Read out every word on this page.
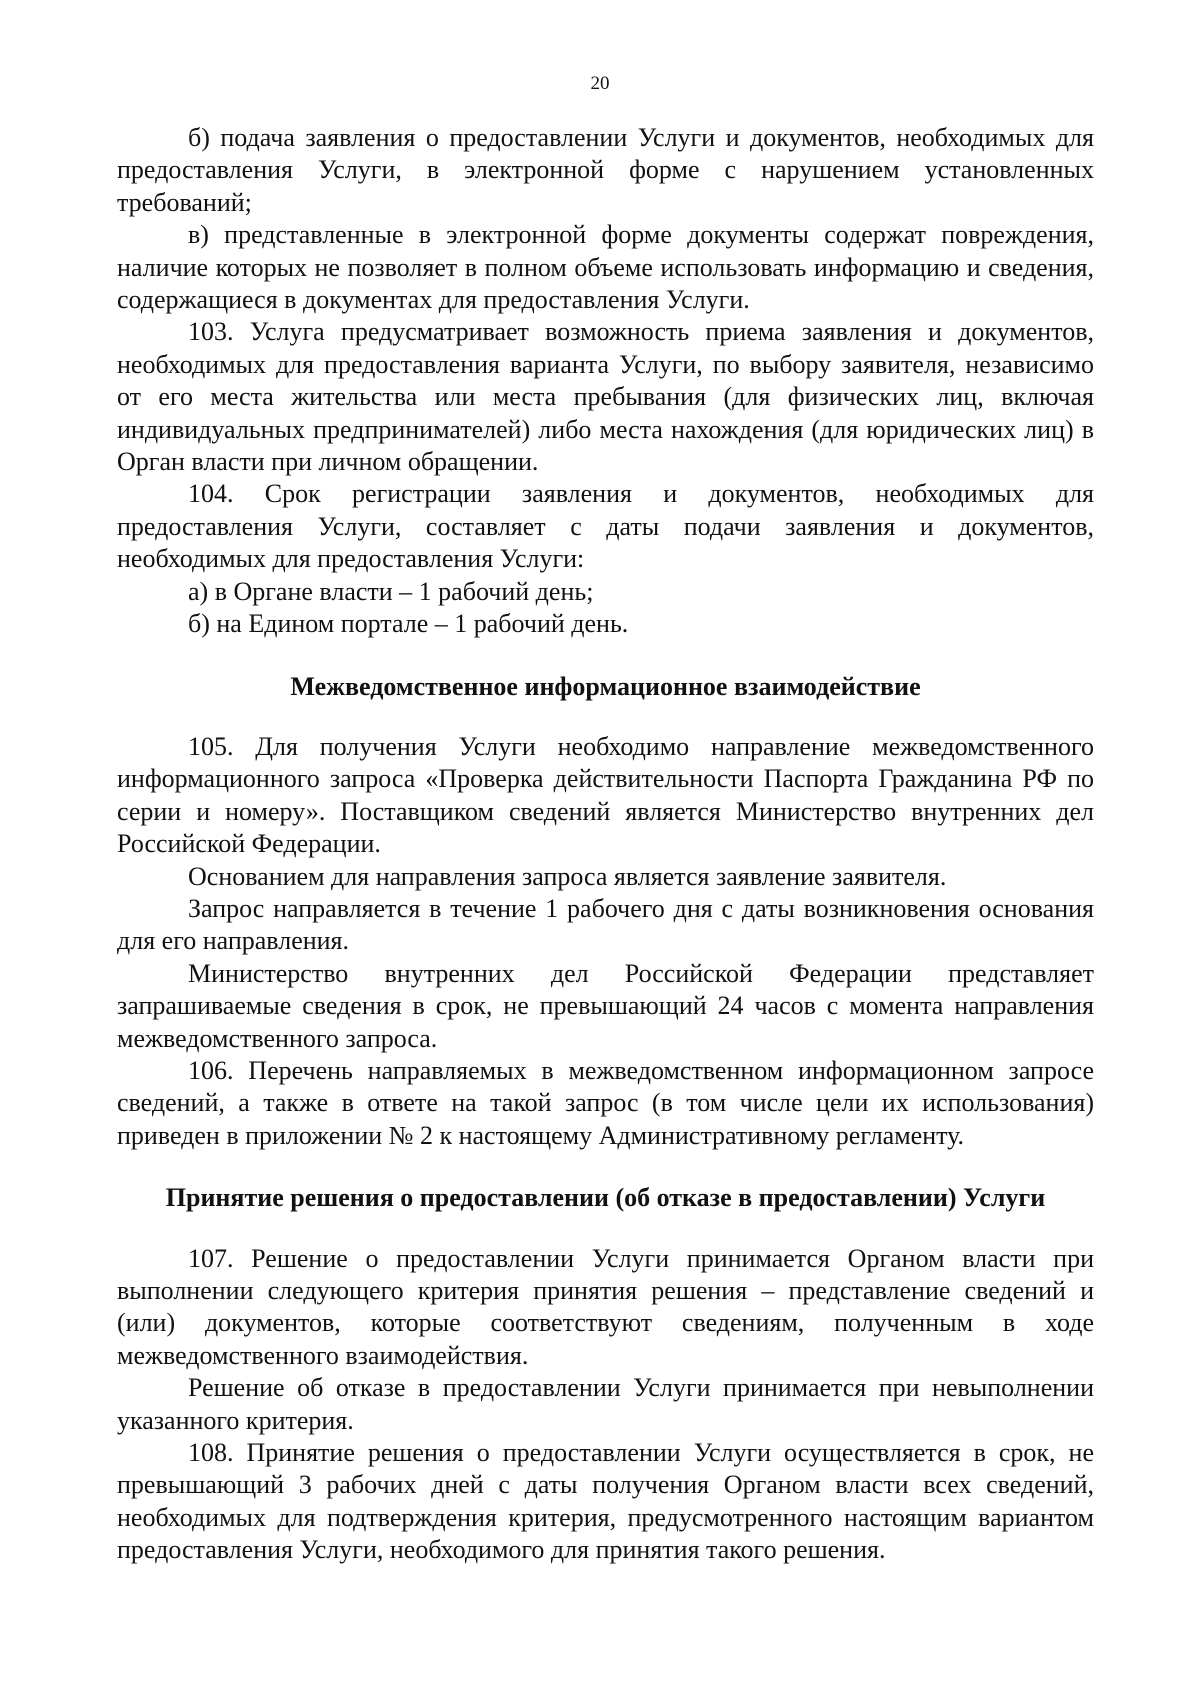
20

б) подача заявления о предоставлении Услуги и документов, необходимых для предоставления Услуги, в электронной форме с нарушением установленных требований;

в) представленные в электронной форме документы содержат повреждения, наличие которых не позволяет в полном объеме использовать информацию и сведения, содержащиеся в документах для предоставления Услуги.

103. Услуга предусматривает возможность приема заявления и документов, необходимых для предоставления варианта Услуги, по выбору заявителя, независимо от его места жительства или места пребывания (для физических лиц, включая индивидуальных предпринимателей) либо места нахождения (для юридических лиц) в Орган власти при личном обращении.

104. Срок регистрации заявления и документов, необходимых для предоставления Услуги, составляет с даты подачи заявления и документов, необходимых для предоставления Услуги:

а) в Органе власти – 1 рабочий день;

б) на Едином портале – 1 рабочий день.

Межведомственное информационное взаимодействие

105. Для получения Услуги необходимо направление межведомственного информационного запроса «Проверка действительности Паспорта Гражданина РФ по серии и номеру». Поставщиком сведений является Министерство внутренних дел Российской Федерации.

Основанием для направления запроса является заявление заявителя.

Запрос направляется в течение 1 рабочего дня с даты возникновения основания для его направления.

Министерство внутренних дел Российской Федерации представляет запрашиваемые сведения в срок, не превышающий 24 часов с момента направления межведомственного запроса.

106. Перечень направляемых в межведомственном информационном запросе сведений, а также в ответе на такой запрос (в том числе цели их использования) приведен в приложении № 2 к настоящему Административному регламенту.

Принятие решения о предоставлении (об отказе в предоставлении) Услуги

107. Решение о предоставлении Услуги принимается Органом власти при выполнении следующего критерия принятия решения – представление сведений и (или) документов, которые соответствуют сведениям, полученным в ходе межведомственного взаимодействия.

Решение об отказе в предоставлении Услуги принимается при невыполнении указанного критерия.

108. Принятие решения о предоставлении Услуги осуществляется в срок, не превышающий 3 рабочих дней с даты получения Органом власти всех сведений, необходимых для подтверждения критерия, предусмотренного настоящим вариантом предоставления Услуги, необходимого для принятия такого решения.
